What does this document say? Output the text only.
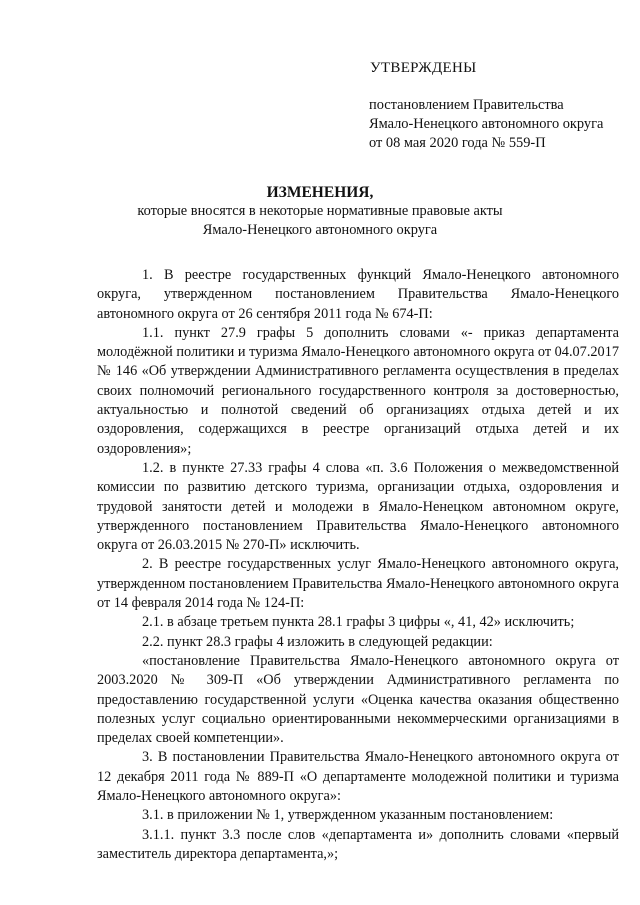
УТВЕРЖДЕНЫ
постановлением Правительства
Ямало-Ненецкого автономного округа
от 08 мая 2020 года № 559-П
ИЗМЕНЕНИЯ,
которые вносятся в некоторые нормативные правовые акты
Ямало-Ненецкого автономного округа

1. В реестре государственных функций Ямало-Ненецкого автономного округа, утвержденном постановлением Правительства Ямало-Ненецкого автономного округа от 26 сентября 2011 года № 674-П:

1.1. пункт 27.9 графы 5 дополнить словами «- приказ департамента молодёжной политики и туризма Ямало-Ненецкого автономного округа от 04.07.2017 № 146 «Об утверждении Административного регламента осуществления в пределах своих полномочий регионального государственного контроля за достоверностью, актуальностью и полнотой сведений об организациях отдыха детей и их оздоровления, содержащихся в реестре организаций отдыха детей и их оздоровления»;

1.2. в пункте 27.33 графы 4 слова «п. 3.6 Положения о межведомственной комиссии по развитию детского туризма, организации отдыха, оздоровления и трудовой занятости детей и молодежи в Ямало-Ненецком автономном округе, утвержденного постановлением Правительства Ямало-Ненецкого автономного округа от 26.03.2015 № 270-П» исключить.

2. В реестре государственных услуг Ямало-Ненецкого автономного округа, утвержденном постановлением Правительства Ямало-Ненецкого автономного округа от 14 февраля 2014 года № 124-П:

2.1. в абзаце третьем пункта 28.1 графы 3 цифры «, 41, 42» исключить;

2.2. пункт 28.3 графы 4 изложить в следующей редакции:

«постановление Правительства Ямало-Ненецкого автономного округа от 2003.2020 № 309-П «Об утверждении Административного регламента по предоставлению государственной услуги «Оценка качества оказания общественно полезных услуг социально ориентированными некоммерческими организациями в пределах своей компетенции».

3. В постановлении Правительства Ямало-Ненецкого автономного округа от 12 декабря 2011 года № 889-П «О департаменте молодежной политики и туризма Ямало-Ненецкого автономного округа»:

3.1. в приложении № 1, утвержденном указанным постановлением:

3.1.1. пункт 3.3 после слов «департамента и» дополнить словами «первый заместитель директора департамента,»;
